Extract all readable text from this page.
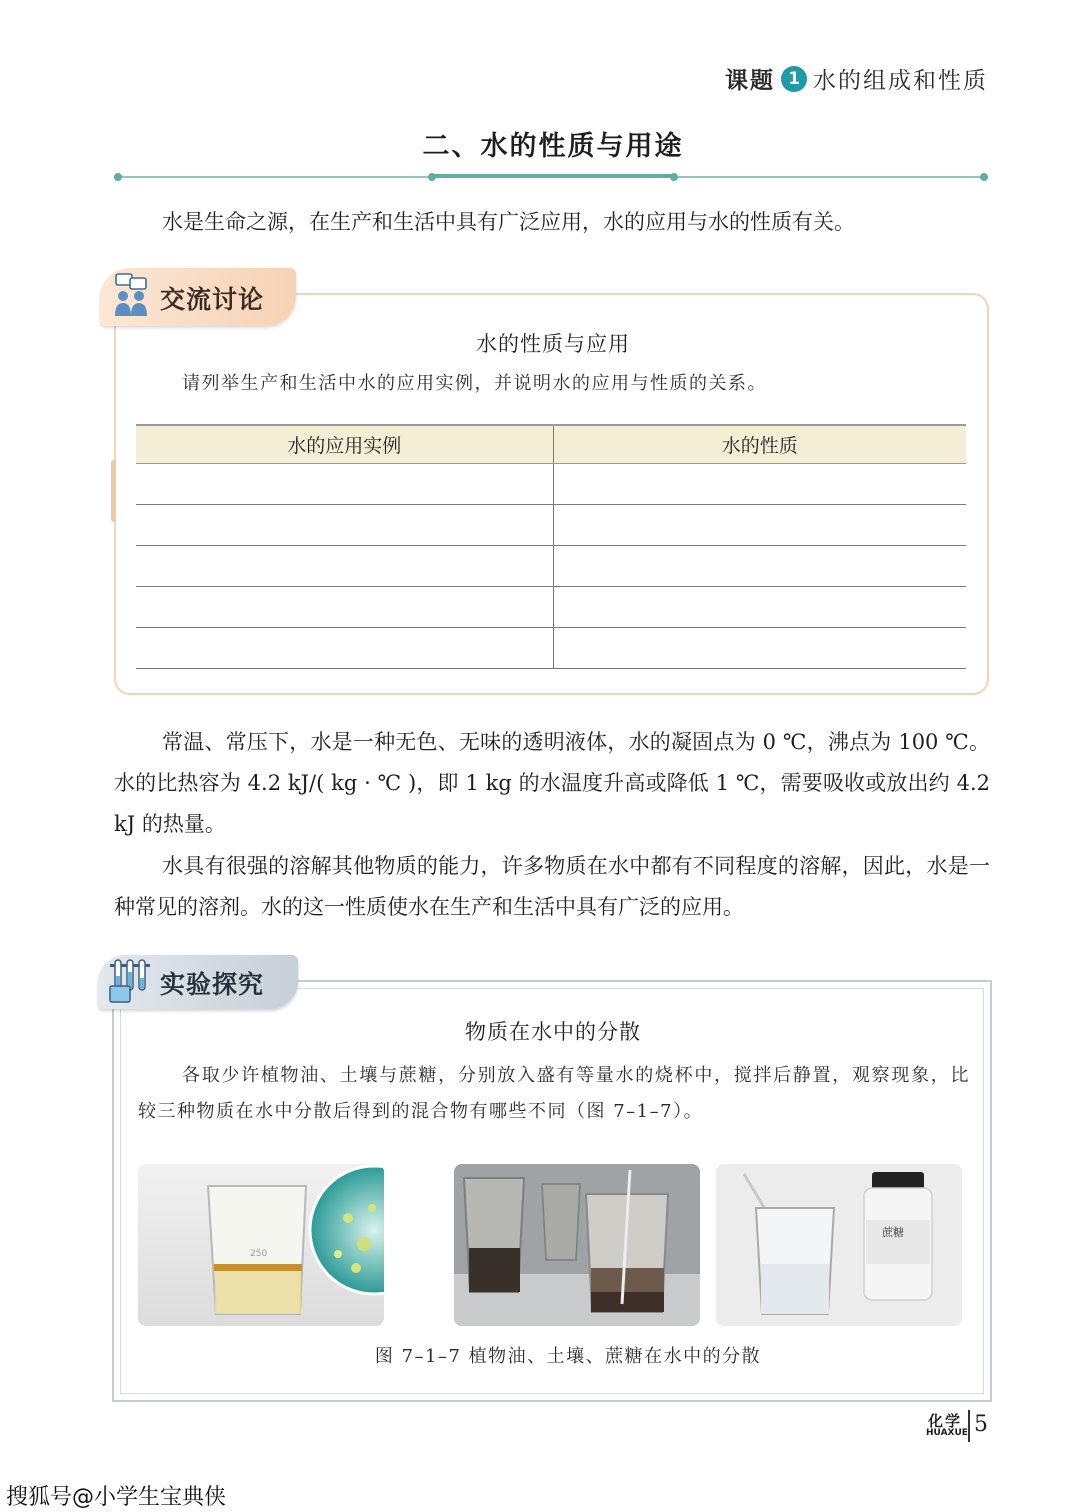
课题 1 水的组成和性质
二、水的性质与用途

水是生命之源，在生产和生活中具有广泛应用，水的应用与水的性质有关。

交流讨论
水的性质与应用
请列举生产和生活中水的应用实例，并说明水的应用与性质的关系。
水的应用实例	水的性质

常温、常压下，水是一种无色、无味的透明液体，水的凝固点为 0 ℃，沸点为 100 ℃。水的比热容为 4.2 kJ/( kg · ℃ )，即 1 kg 的水温度升高或降低 1 ℃，需要吸收或放出约 4.2 kJ 的热量。

水具有很强的溶解其他物质的能力，许多物质在水中都有不同程度的溶解，因此，水是一种常见的溶剂。水的这一性质使水在生产和生活中具有广泛的应用。

实验探究
物质在水中的分散
各取少许植物油、土壤与蔗糖，分别放入盛有等量水的烧杯中，搅拌后静置，观察现象，比较三种物质在水中分散后得到的混合物有哪些不同（图 7–1–7）。
250
蔗糖
图 7–1–7 植物油、土壤、蔗糖在水中的分散
化学
HUAXUE 5
搜狐号@小学生宝典侠
